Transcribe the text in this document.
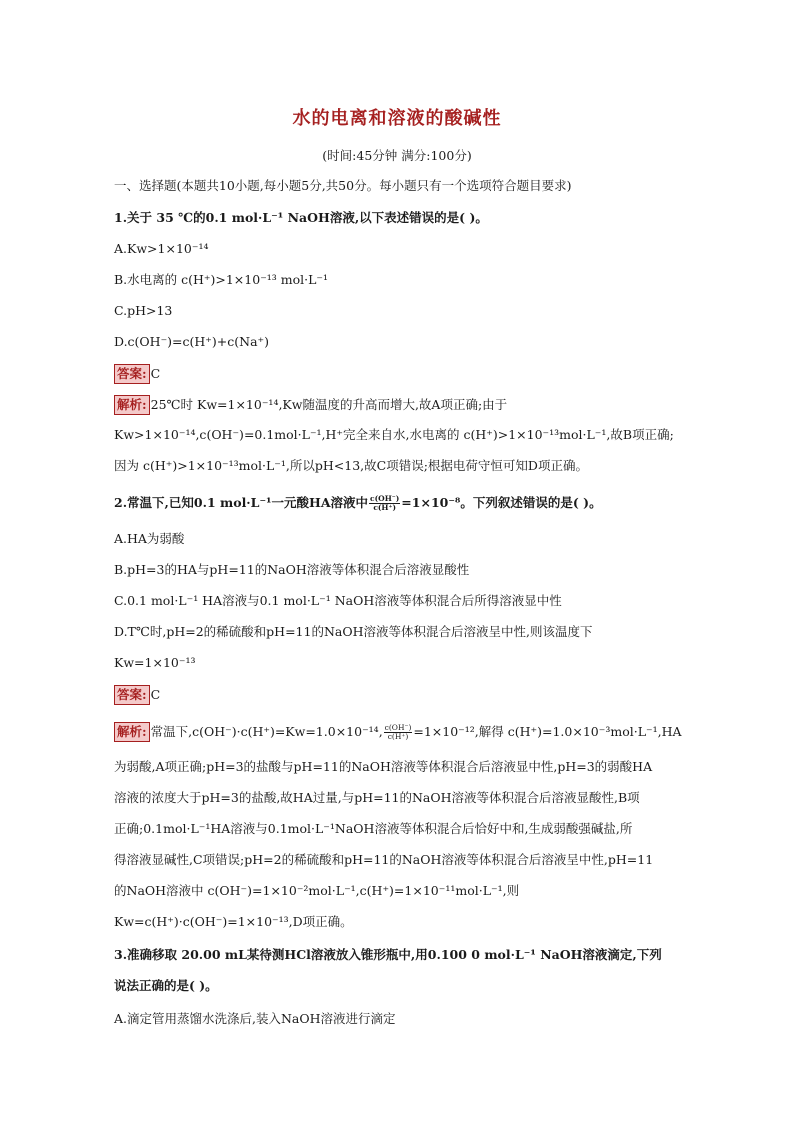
水的电离和溶液的酸碱性
(时间:45分钟 满分:100分)
一、选择题(本题共10小题,每小题5分,共50分。每小题只有一个选项符合题目要求)
1.关于 35 ℃的0.1 mol·L⁻¹ NaOH溶液,以下表述错误的是( )。
A.Kw>1×10⁻¹⁴
B.水电离的 c(H⁺)>1×10⁻¹³ mol·L⁻¹
C.pH>13
D.c(OH⁻)=c(H⁺)+c(Na⁺)
答案: C
解析: 25℃时 Kw=1×10⁻¹⁴,Kw随温度的升高而增大,故A项正确;由于
Kw>1×10⁻¹⁴,c(OH⁻)=0.1mol·L⁻¹,H⁺完全来自水,水电离的 c(H⁺)>1×10⁻¹³mol·L⁻¹,故B项正确;
因为 c(H⁺)>1×10⁻¹³mol·L⁻¹,所以pH<13,故C项错误;根据电荷守恒可知D项正确。
2.常温下,已知0.1 mol·L⁻¹一元酸HA溶液中 $\frac{c(OH^-)}{c(H^+)} =1\times 10^{-8}$。下列叙述错误的是( )。
A.HA为弱酸
B.pH=3的HA与pH=11的NaOH溶液等体积混合后溶液显酸性
C.0.1 mol·L⁻¹ HA溶液与0.1 mol·L⁻¹ NaOH溶液等体积混合后所得溶液显中性
D.T℃时,pH=2的稀硫酸和pH=11的NaOH溶液等体积混合后溶液呈中性,则该温度下
Kw=1×10⁻¹³
答案: C
解析: 常温下,c(OH⁻)·c(H⁺)=Kw=1.0×10⁻¹⁴, $\frac{c(OH^-)}{c(H^+)} =1\times 10^{-12}$,解得 c(H⁺)=1.0×10⁻³mol·L⁻¹,HA
为弱酸,A项正确;pH=3的盐酸与pH=11的NaOH溶液等体积混合后溶液显中性,pH=3的弱酸HA
溶液的浓度大于pH=3的盐酸,故HA过量,与pH=11的NaOH溶液等体积混合后溶液显酸性,B项
正确;0.1mol·L⁻¹HA溶液与0.1mol·L⁻¹NaOH溶液等体积混合后恰好中和,生成弱酸强碱盐,所
得溶液显碱性,C项错误;pH=2的稀硫酸和pH=11的NaOH溶液等体积混合后溶液呈中性,pH=11
的NaOH溶液中 c(OH⁻)=1×10⁻²mol·L⁻¹,c(H⁺)=1×10⁻¹¹mol·L⁻¹,则
Kw=c(H⁺)·c(OH⁻)=1×10⁻¹³,D项正确。
3.准确移取 20.00 mL某待测HCl溶液放入锥形瓶中,用0.100 0 mol·L⁻¹ NaOH溶液滴定,下列
说法正确的是( )。
A.滴定管用蒸馏水洗涤后,装入NaOH溶液进行滴定
